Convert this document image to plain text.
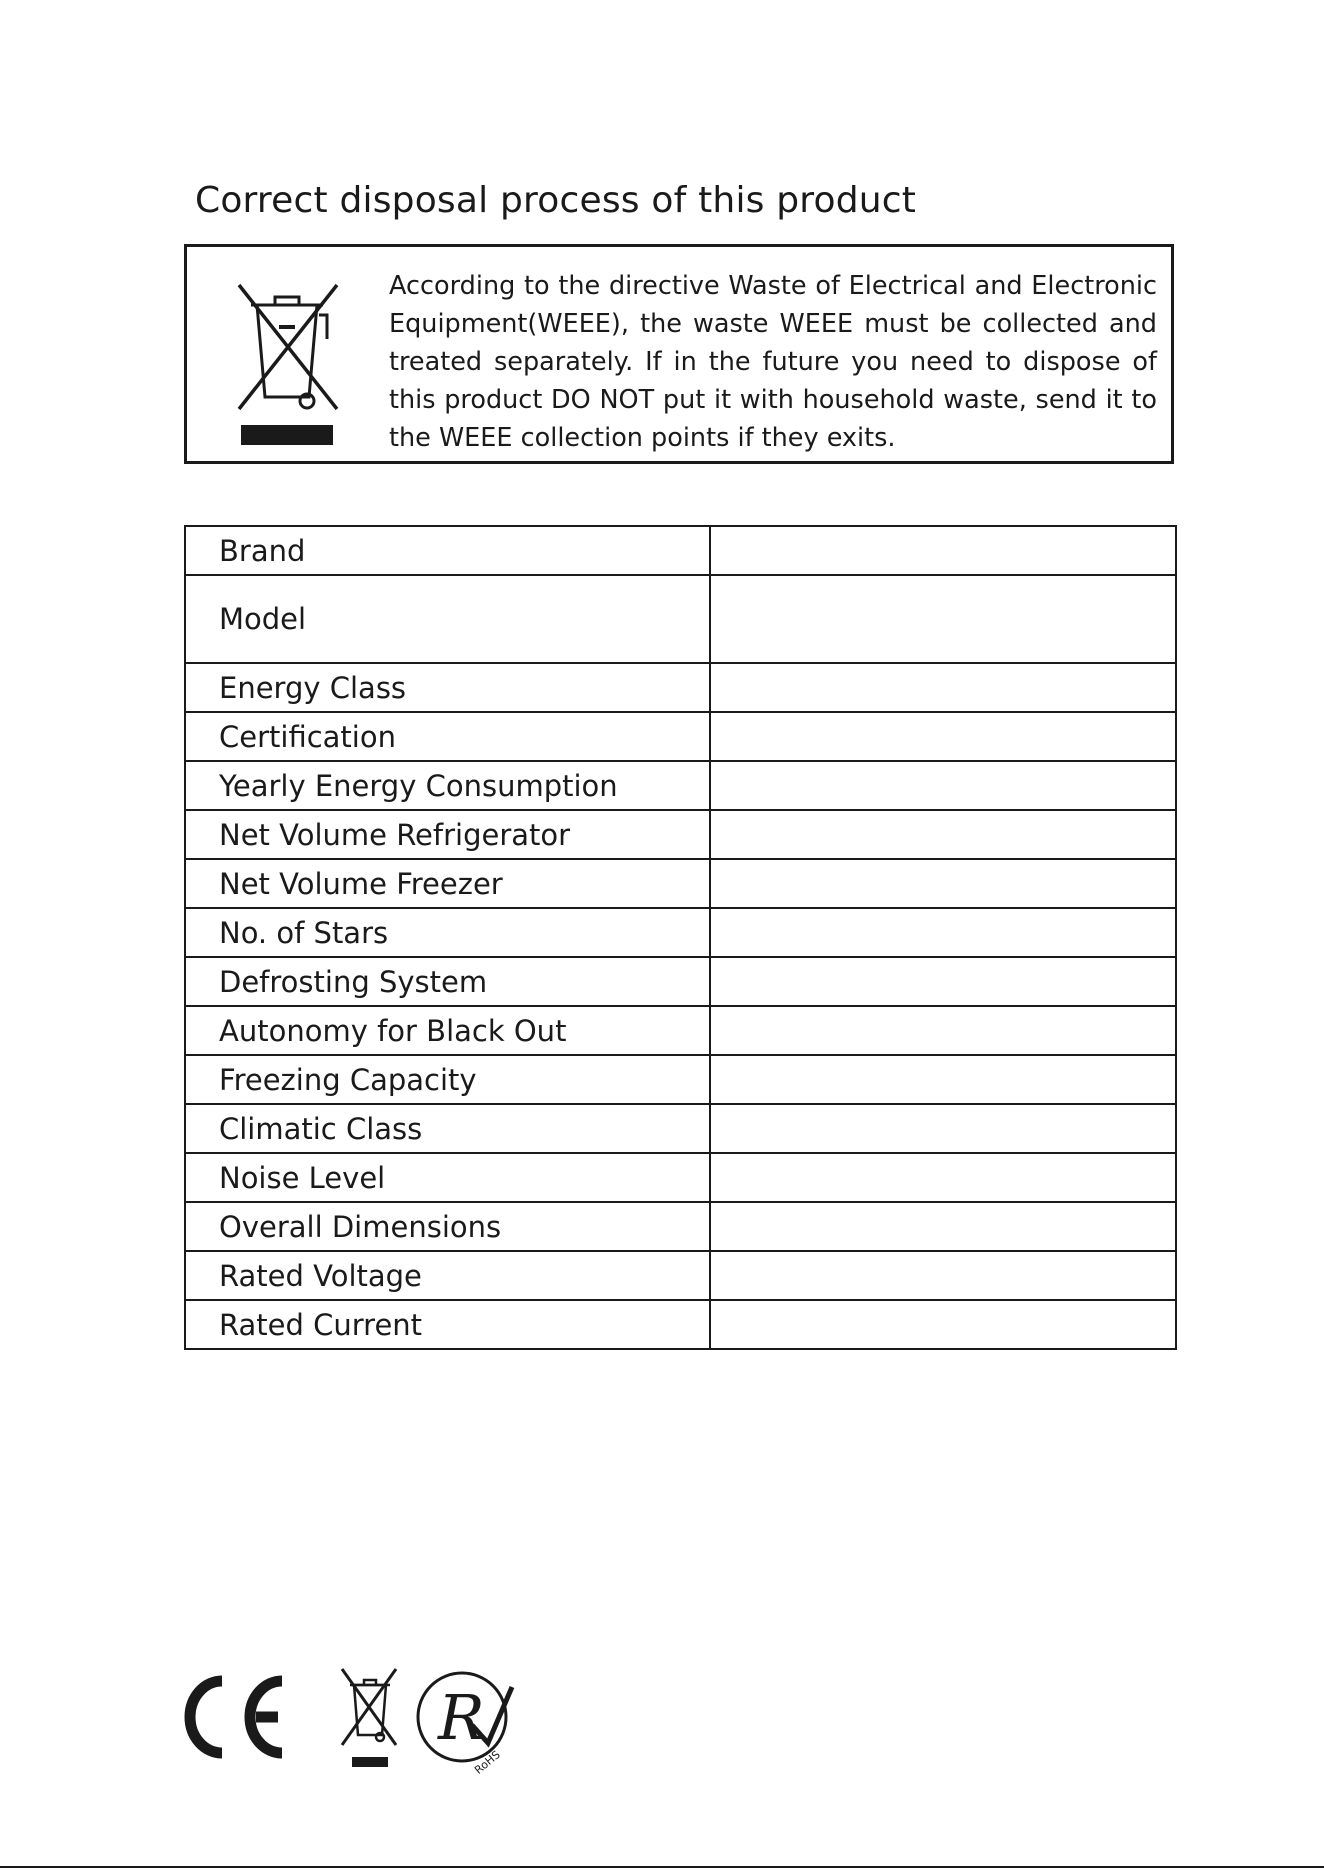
Correct disposal process of this product
According to the directive Waste of Electrical and Electronic Equipment(WEEE), the waste WEEE must be collected and treated separately. If in the future you need to dispose of this product DO NOT put it with household waste, send it to the WEEE collection points if they exits.
Brand	
Model	
Energy Class	
Certification	
Yearly Energy Consumption	
Net Volume Refrigerator	
Net Volume Freezer	
No. of Stars	
Defrosting System	
Autonomy for Black Out	
Freezing Capacity	
Climatic Class	
Noise Level	
Overall Dimensions	
Rated Voltage	
Rated Current	
R
RoHS
